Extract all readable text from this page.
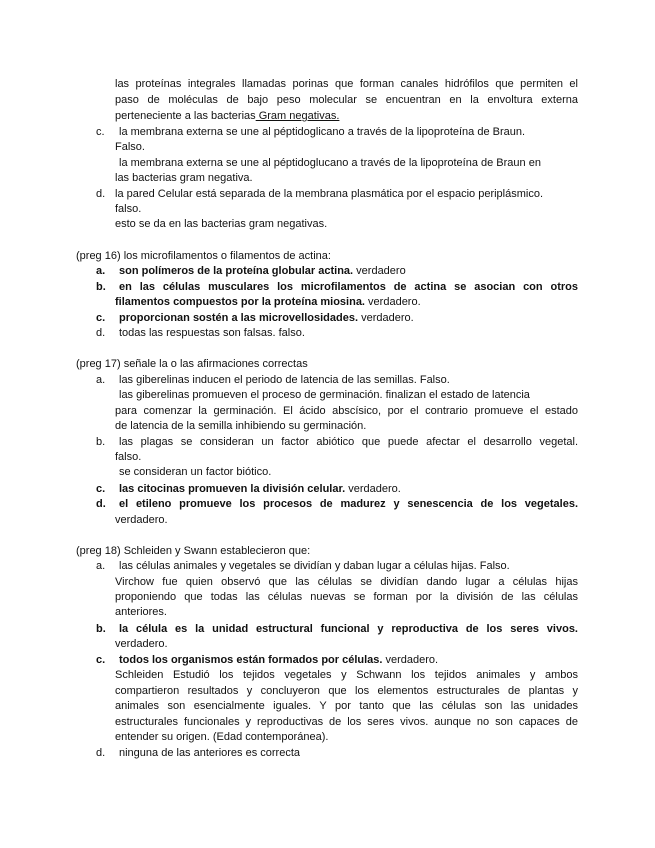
las proteínas integrales llamadas porinas que forman canales hidrófilos que permiten el
paso de moléculas de bajo peso molecular se encuentran en la envoltura externa
perteneciente a las bacterias Gram negativas.
c. la membrana externa se une al péptidoglicano a través de la lipoproteína de Braun.
Falso.
la membrana externa se une al péptidoglucano a través de la lipoproteína de Braun en
las bacterias gram negativa.
d. la pared Celular está separada de la membrana plasmática por el espacio periplásmico.
falso.
esto se da en las bacterias gram negativas.
(preg 16) los microfilamentos o filamentos de actina:
a. son polímeros de la proteína globular actina. verdadero
b. en las células musculares los microfilamentos de actina se asocian con otros
filamentos compuestos por la proteína miosina. verdadero.
c. proporcionan sostén a las microvellosidades. verdadero.
d. todas las respuestas son falsas. falso.
(preg 17) señale la o las afirmaciones correctas
a. las giberelinas inducen el periodo de latencia de las semillas. Falso.
las giberelinas promueven el proceso de germinación. finalizan el estado de latencia
para comenzar la germinación. El ácido abscísico, por el contrario promueve el estado
de latencia de la semilla inhibiendo su germinación.
b. las plagas se consideran un factor abiótico que puede afectar el desarrollo vegetal.
falso.
se consideran un factor biótico.
c. las citocinas promueven la división celular. verdadero.
d. el etileno promueve los procesos de madurez y senescencia de los vegetales.
verdadero.
(preg 18) Schleiden y Swann establecieron que:
a. las células animales y vegetales se dividían y daban lugar a células hijas. Falso.
Virchow fue quien observó que las células se dividían dando lugar a células hijas
proponiendo que todas las células nuevas se forman por la división de las células
anteriores.
b. la célula es la unidad estructural funcional y reproductiva de los seres vivos.
verdadero.
c. todos los organismos están formados por células. verdadero.
Schleiden Estudió los tejidos vegetales y Schwann los tejidos animales y ambos
compartieron resultados y concluyeron que los elementos estructurales de plantas y
animales son esencialmente iguales. Y por tanto que las células son las unidades
estructurales funcionales y reproductivas de los seres vivos. aunque no son capaces de
entender su origen. (Edad contemporánea).
d. ninguna de las anteriores es correcta
